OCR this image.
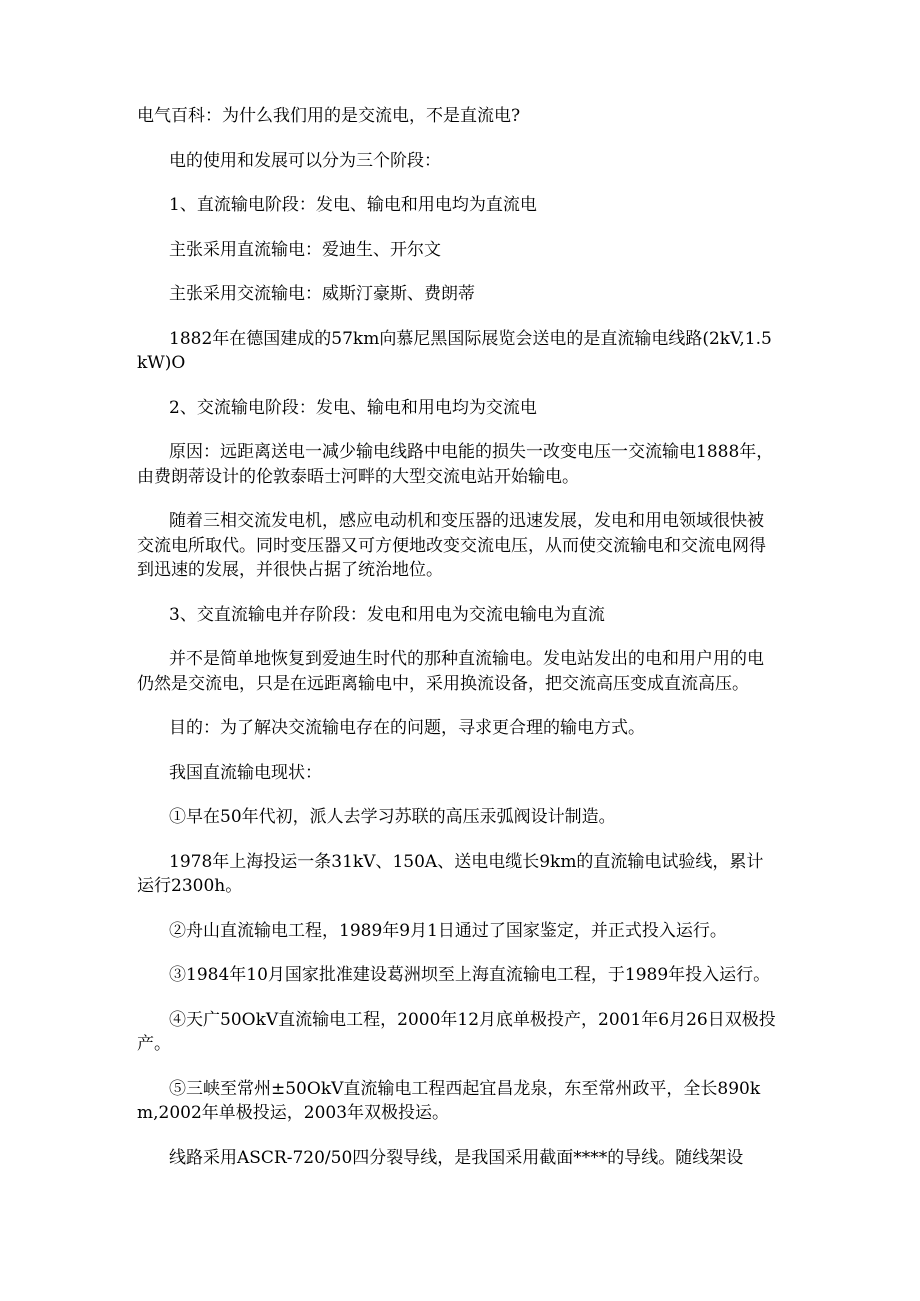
电气百科：为什么我们用的是交流电，不是直流电?

电的使用和发展可以分为三个阶段：

1、直流输电阶段：发电、输电和用电均为直流电

主张采用直流输电：爱迪生、开尔文

主张采用交流输电：威斯汀豪斯、费朗蒂

1882年在德国建成的57km向慕尼黑国际展览会送电的是直流输电线路(2kV,1.5kW)O

2、交流输电阶段：发电、输电和用电均为交流电

原因：远距离送电一减少输电线路中电能的损失一改变电压一交流输电1888年，由费朗蒂设计的伦敦泰晤士河畔的大型交流电站开始输电。

随着三相交流发电机，感应电动机和变压器的迅速发展，发电和用电领域很快被交流电所取代。同时变压器又可方便地改变交流电压，从而使交流输电和交流电网得到迅速的发展，并很快占据了统治地位。

3、交直流输电并存阶段：发电和用电为交流电输电为直流

并不是简单地恢复到爱迪生时代的那种直流输电。发电站发出的电和用户用的电仍然是交流电，只是在远距离输电中，采用换流设备，把交流高压变成直流高压。

目的：为了解决交流输电存在的问题，寻求更合理的输电方式。

我国直流输电现状：

①早在50年代初，派人去学习苏联的高压汞弧阀设计制造。

1978年上海投运一条31kV、150A、送电电缆长9km的直流输电试验线，累计运行2300h。

②舟山直流输电工程，1989年9月1日通过了国家鉴定，并正式投入运行。

③1984年10月国家批准建设葛洲坝至上海直流输电工程，于1989年投入运行。

④天广50OkV直流输电工程，2000年12月底单极投产，2001年6月26日双极投产。

⑤三峡至常州±50OkV直流输电工程西起宜昌龙泉，东至常州政平，全长890km,2002年单极投运，2003年双极投运。

线路采用ASCR-720/50四分裂导线，是我国采用截面****的导线。随线架设
